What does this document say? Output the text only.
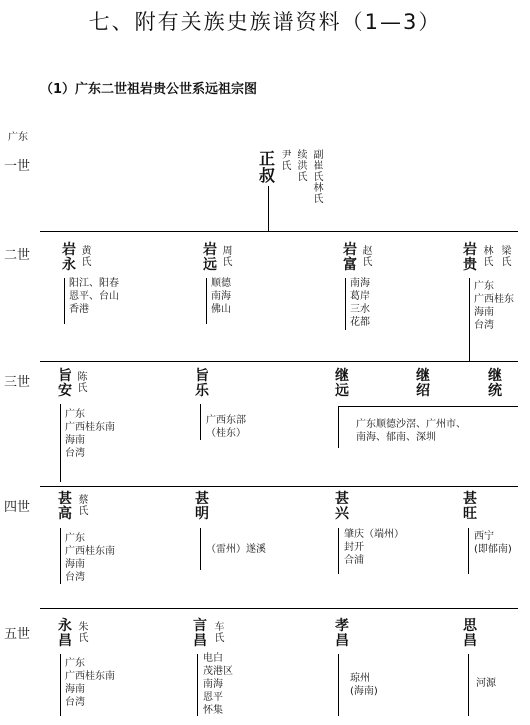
七、附有关族史族谱资料（1—3）
（1）广东二世祖岩贵公世系远祖宗图
广东
一世
二世
三世
四世
五世
正叔
尹氏
续洪氏
副崔氏林氏
岩永
黄氏
阳江、阳春
恩平、台山
香港
岩远
周氏
顺德
南海
佛山
岩富
赵氏
南海
葛岸
三水
花都
岩贵
林氏
梁氏
广东
广西桂东
海南
台湾
旨安
陈氏
广东
广西桂东南
海南
台湾
旨乐
广西东部
（桂东）
继远
继绍
继统
广东顺德沙滘、广州市、
南海、郁南、深圳
甚高
蔡氏
广东
广西桂东南
海南
台湾
甚明
（雷州）遂溪
甚兴
肇庆（端州）
封开
合浦
甚旺
西宁
(即郁南)
永昌
朱氏
广东
广西桂东南
海南
台湾
言昌
车氏
电白
茂港区
南海
恩平
怀集
孝昌
琼州
(海南)
思昌
河源
